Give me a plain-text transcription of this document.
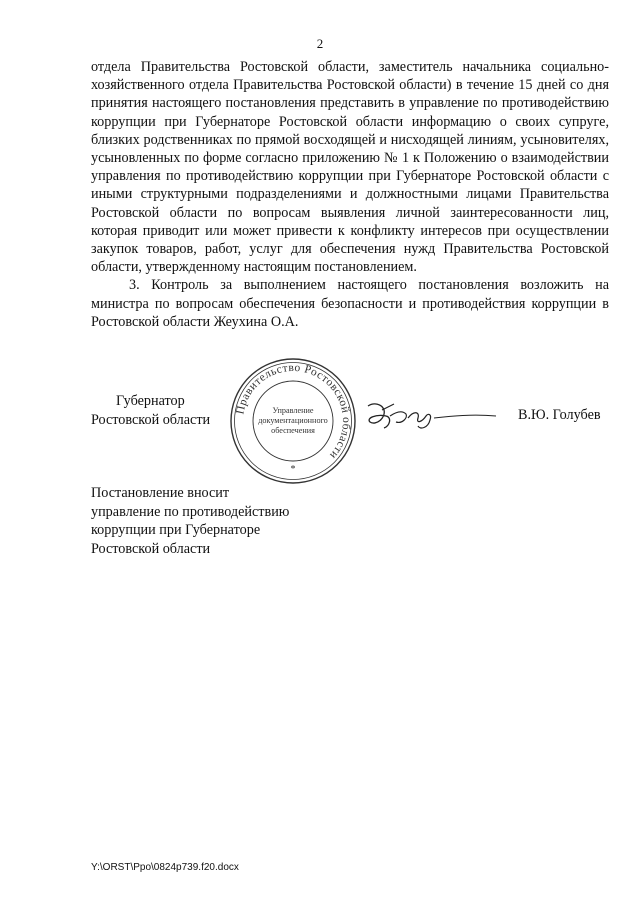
2

отдела Правительства Ростовской области, заместитель начальника социально-хозяйственного отдела Правительства Ростовской области) в течение 15 дней со дня принятия настоящего постановления представить в управление по противодействию коррупции при Губернаторе Ростовской области информацию о своих супруге, близких родственниках по прямой восходящей и нисходящей линиям, усыновителях, усыновленных по форме согласно приложению № 1 к Положению о взаимодействии управления по противодействию коррупции при Губернаторе Ростовской области с иными структурными подразделениями и должностными лицами Правительства Ростовской области по вопросам выявления личной заинтересованности лиц, которая приводит или может привести к конфликту интересов при осуществлении закупок товаров, работ, услуг для обеспечения нужд Правительства Ростовской области, утвержденному настоящим постановлением.

3. Контроль за выполнением настоящего постановления возложить на министра по вопросам обеспечения безопасности и противодействия коррупции в Ростовской области Жеухина О.А.

Губернатор
Ростовской области
Правительство Ростовской области
Управление
документационного
обеспечения
*
В.Ю. Голубев
Постановление вносит
управление по противодействию
коррупции при Губернаторе
Ростовской области
Y:\ORST\Ppo\0824p739.f20.docx
